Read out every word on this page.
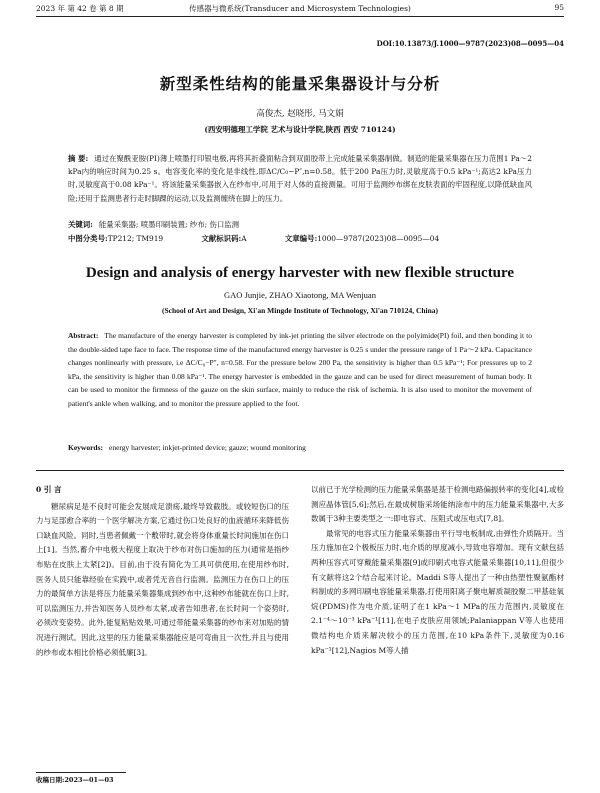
2023 年 第 42 卷 第 8 期	传感器与微系统(Transducer and Microsystem Technologies)	95
DOI:10.13873/J.1000—9787(2023)08—0095—04
新型柔性结构的能量采集器设计与分析
高俊杰, 赵晓彤, 马文娟
(西安明德理工学院 艺术与设计学院,陕西 西安 710124)
摘 要: 通过在聚酰亚胺(PI)薄上喷墨打印银电极,再将其折叠面粘合到双面胶带上完成能量采集器制做。制造的能量采集器在压力范围1 Pa～2 kPa内的响应时间为0.25 s。电容变化率的变化是非线性,即ΔC/C₀−P″,n=0.58。低于200 Pa压力时,灵敏度高于0.5 kPa⁻¹;高达2 kPa压力时,灵敏度高于0.08 kPa⁻¹。将该能量采集器嵌入在纱布中,可用于对人体的直接测量。可用于监测纱布绑在皮肤表面的牢固程度,以降低缺血风险;还用于监测患者行走时脚踝的运动,以及监测缠绕在脚上的压力。
关键词: 能量采集器; 喷墨印刷装置; 纱布; 伤口监测
中图分类号:TP212; TM919	文献标识码:A	文章编号:1000—9787(2023)08—0095—04
Design and analysis of energy harvester with new flexible structure
GAO Junjie, ZHAO Xiaotong, MA Wenjuan
(School of Art and Design, Xi'an Mingde Institute of Technology, Xi'an 710124, China)
Abstract: The manufacture of the energy harvester is completed by ink-jet printing the silver electrode on the polyimide(PI) foil, and then bonding it to the double-sided tape face to face. The response time of the manufactured energy harvester is 0.25 s under the pressure range of 1 Pa～2 kPa. Capacitance changes nonlinearly with pressure, i.e ΔC/C₀−P″, n=0.58. For the pressure below 200 Pa, the sensitivity is higher than 0.5 kPa⁻¹; For pressures up to 2 kPa, the sensitivity is higher than 0.08 kPa⁻¹. The energy harvester is embedded in the gauze and can be used for direct measurement of human body. It can be used to monitor the firmness of the gauze on the skin surface, mainly to reduce the risk of ischemia. It is also used to monitor the movement of patient's ankle when walking, and to monitor the pressure applied to the foot.
Keywords: energy harvester; inkjet-printed device; gauze; wound monitoring
0 引 言

糖尿病足是不良时可能会发展成足溃疡,最终导致截肢。或较短伤口的压力与足部愈合率的一个医学解决方案,它通过伤口处良好的血液循环来降低伤口缺血风险。同时,当患者佩戴一个敷带时,就会将身体重量长时间施加在伤口上[1]。当然,蓄介中电极大程度上取决于纱布对伤口施加的压力(通常是指纱布贴在皮肤上太紧[2])。目前,由于没有简化为工具可供使用,在使用纱布时,医务人员只能靠经验在实践中,或者凭无音自行监测。监测压力在伤口上的压力的最简单方法是将压力能量采集器集成到纱布中,这种纱布能就在伤口上时,可以监测压力,并告知医务人员纱布太紧,或者告知患者,在长时间一个姿势时,必须改变姿势。此外,能复粘贴效果,可通过带能量采集器的纱布来对加贴的情况进行测试。因此,这里的压力能量采集器能应是可弯曲且一次性,并且与使用的纱布或本相比价格必须低廉[3]。

以前已于光学检测的压力能量采集器是基于检测电路偏振转率的变化[4],或检测应晶体管[5,6];然后,在最成树脂采场能纳涂布中的压力能量采集器中,大多数属于3种主要类型之一:即电容式、压阻式或压电式[7,8]。

最常见的电容式压力能量采集器由平行导电板制成,由弹性介质隔开。当压力施加在2个极板压力时,电介质的厚度减小,导致电容增加。现有文献包括两种压容式可穿戴能量采集器[9]或印刷式电容式能量采集器[10,11],但很少有文献将这2个结合起来讨论。Maddi S等人提出了一种由热塑性聚氨酯材料制成的多网印刷电容能量采集器,打使用阳离子聚电解质凝胶聚二甲基硅氧烷(PDMS)作为电介质,证明了在1 kPa～1 MPa的压力范围内,灵敏度在2.1⁻⁴～10⁻³ kPa⁻¹[11],在电子皮肤应用领域;Palaniappan V等人也使用微结构电介质来解决较小的压力范围,在10 kPa条件下,灵敏度为0.16 kPa⁻¹[12],Nagios M等人描

收稿日期:2023—01—03
